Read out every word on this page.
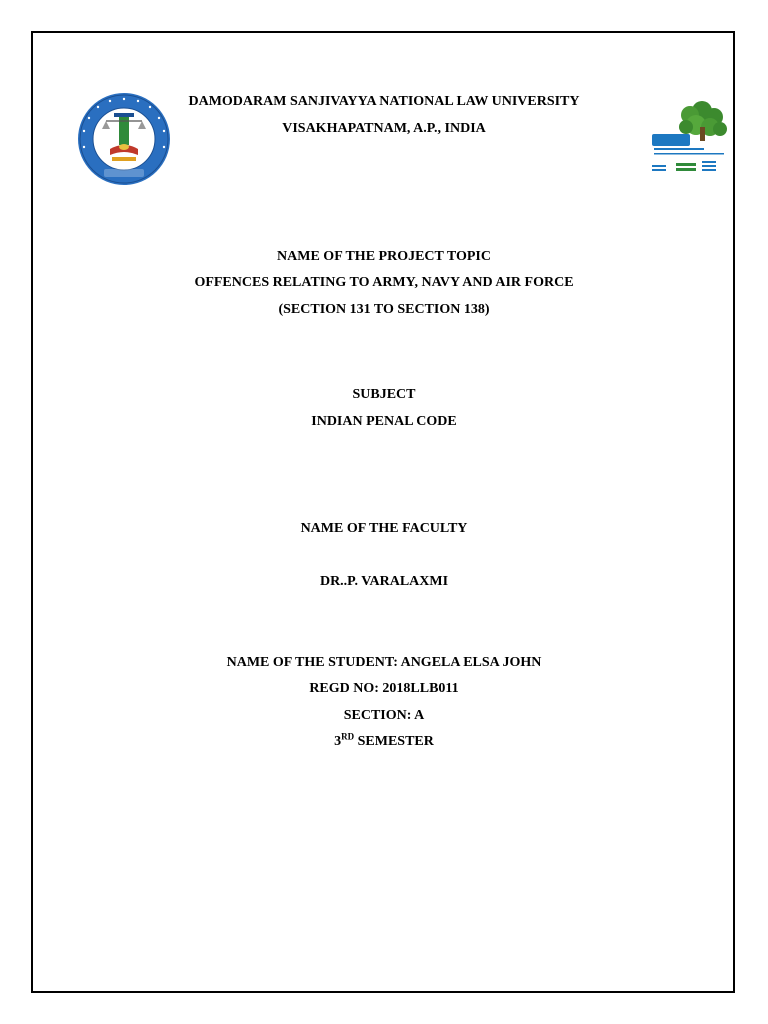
DAMODARAM SANJIVAYYA NATIONAL LAW UNIVERSITY
VISAKHAPATNAM, A.P., INDIA
NAME OF THE PROJECT TOPIC
OFFENCES RELATING TO ARMY, NAVY AND AIR FORCE
(SECTION 131 TO SECTION 138)
SUBJECT
INDIAN PENAL CODE
NAME OF THE FACULTY
DR..P. VARALAXMI
NAME OF THE STUDENT: ANGELA ELSA JOHN
REGD NO: 2018LLB011
SECTION: A
3RD SEMESTER
